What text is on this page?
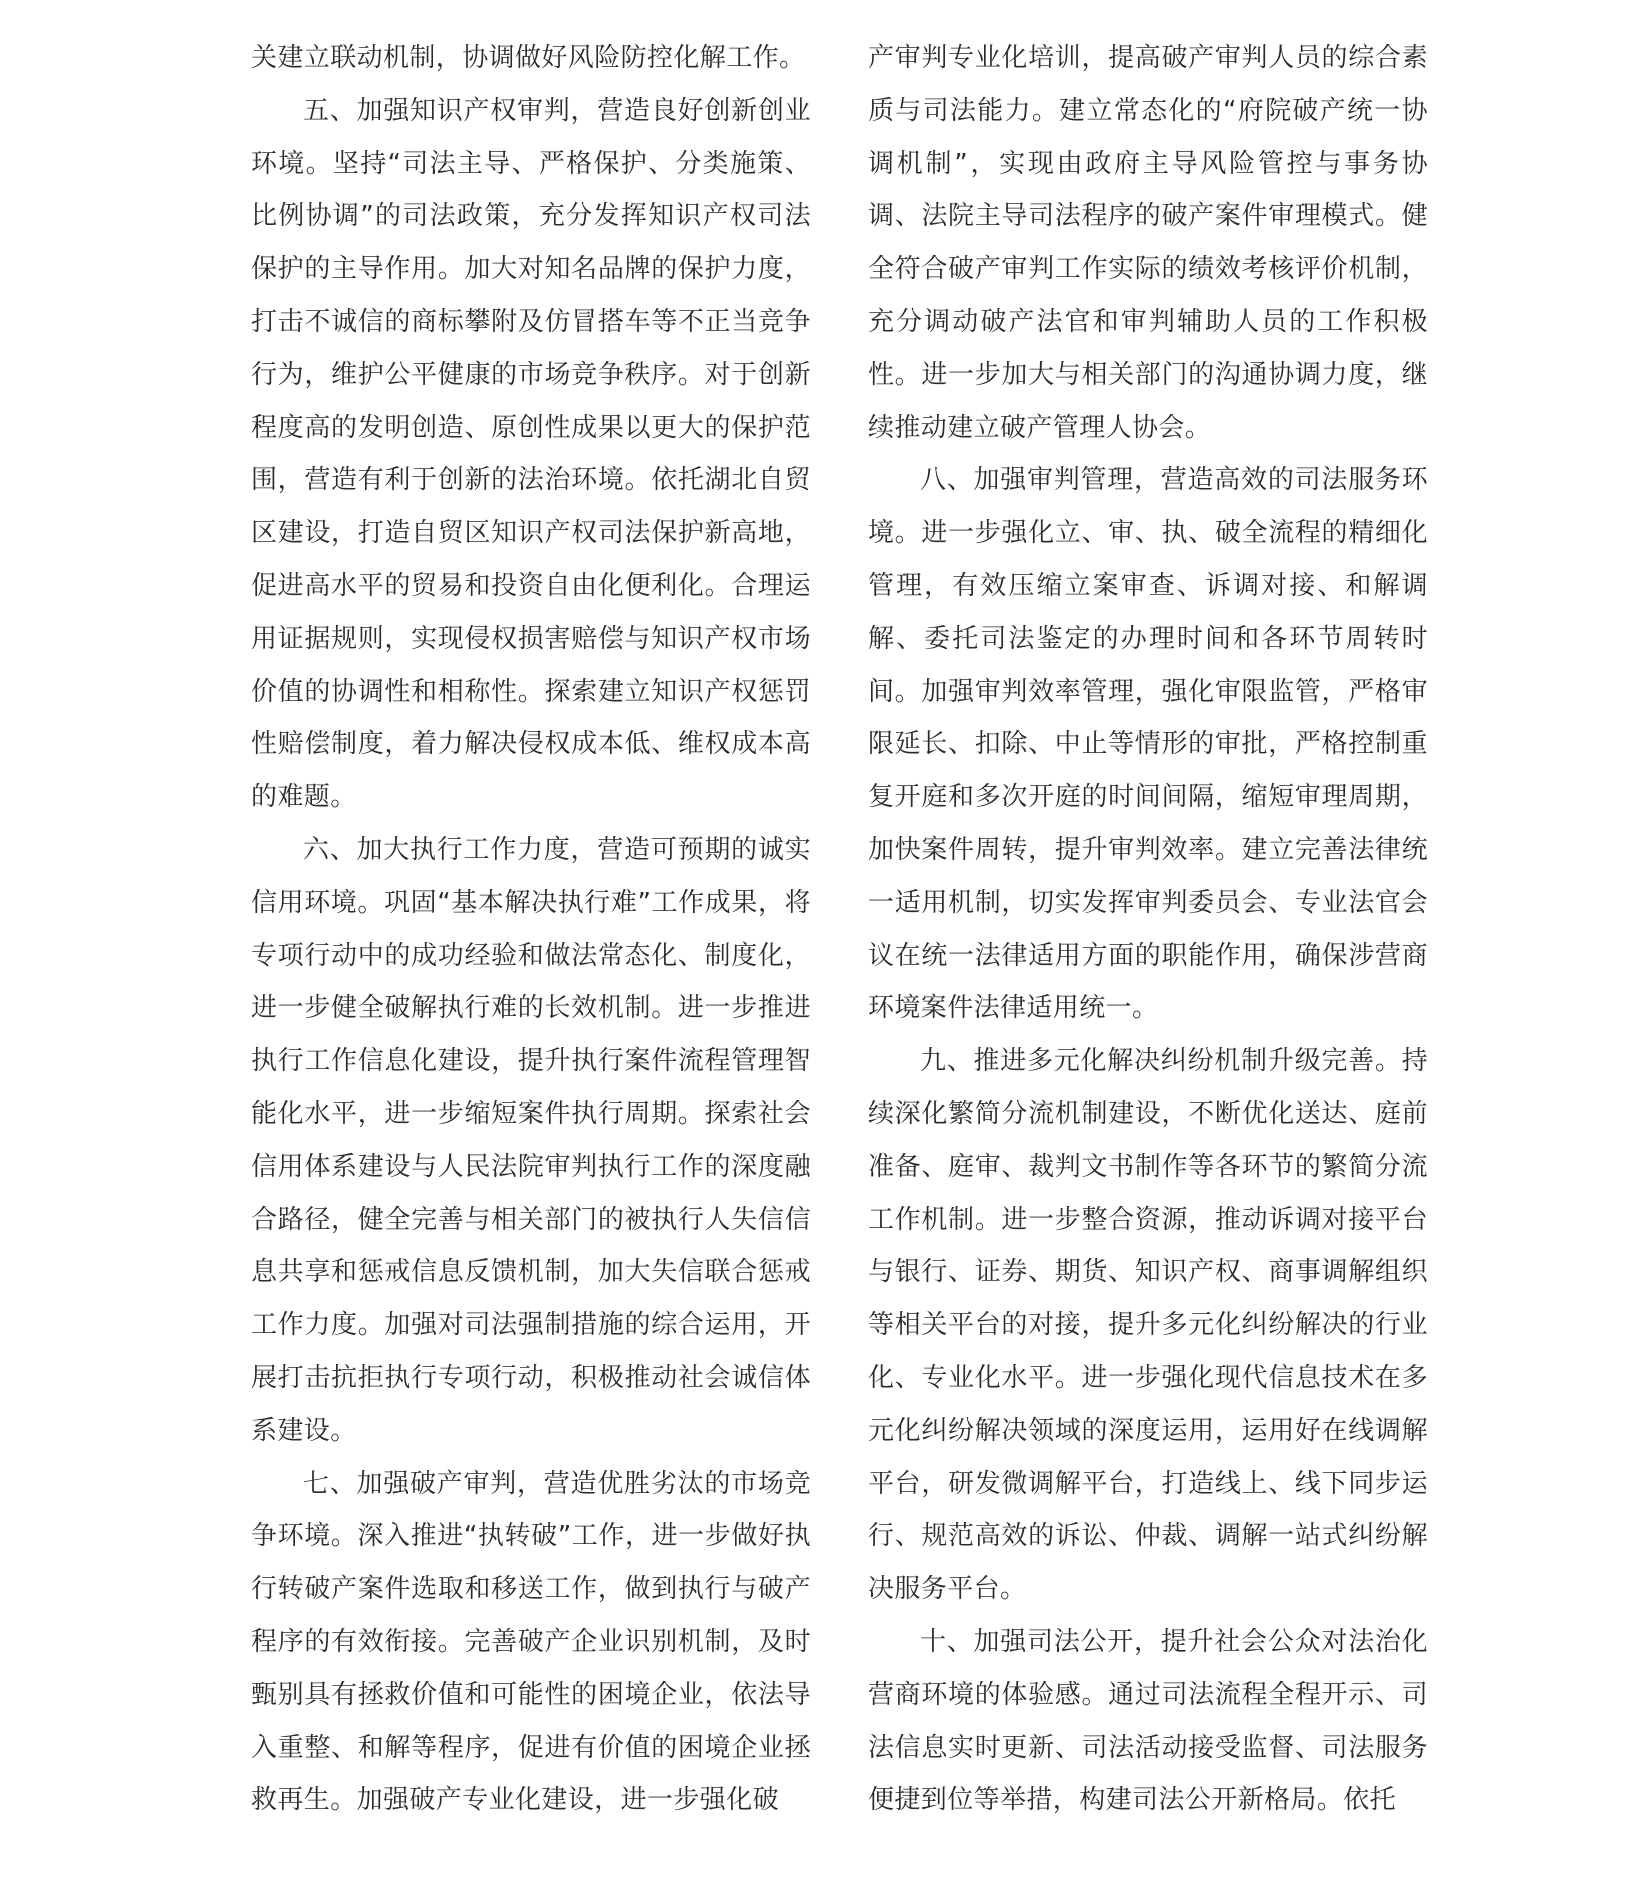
关建立联动机制，协调做好风险防控化解工作。

五、加强知识产权审判，营造良好创新创业环境。坚持“司法主导、严格保护、分类施策、比例协调”的司法政策，充分发挥知识产权司法保护的主导作用。加大对知名品牌的保护力度，打击不诚信的商标攀附及仿冒搭车等不正当竞争行为，维护公平健康的市场竞争秩序。对于创新程度高的发明创造、原创性成果以更大的保护范围，营造有利于创新的法治环境。依托湖北自贸区建设，打造自贸区知识产权司法保护新高地，促进高水平的贸易和投资自由化便利化。合理运用证据规则，实现侵权损害赔偿与知识产权市场价值的协调性和相称性。探索建立知识产权惩罚性赔偿制度，着力解决侵权成本低、维权成本高的难题。

六、加大执行工作力度，营造可预期的诚实信用环境。巩固“基本解决执行难”工作成果，将专项行动中的成功经验和做法常态化、制度化，进一步健全破解执行难的长效机制。进一步推进执行工作信息化建设，提升执行案件流程管理智能化水平，进一步缩短案件执行周期。探索社会信用体系建设与人民法院审判执行工作的深度融合路径，健全完善与相关部门的被执行人失信信息共享和惩戒信息反馈机制，加大失信联合惩戒工作力度。加强对司法强制措施的综合运用，开展打击抗拒执行专项行动，积极推动社会诚信体系建设。

七、加强破产审判，营造优胜劣汰的市场竞争环境。深入推进“执转破”工作，进一步做好执行转破产案件选取和移送工作，做到执行与破产程序的有效衔接。完善破产企业识别机制，及时甄别具有拯救价值和可能性的困境企业，依法导入重整、和解等程序，促进有价值的困境企业拯救再生。加强破产专业化建设，进一步强化破

产审判专业化培训，提高破产审判人员的综合素质与司法能力。建立常态化的“府院破产统一协调机制”，实现由政府主导风险管控与事务协调、法院主导司法程序的破产案件审理模式。健全符合破产审判工作实际的绩效考核评价机制，充分调动破产法官和审判辅助人员的工作积极性。进一步加大与相关部门的沟通协调力度，继续推动建立破产管理人协会。

八、加强审判管理，营造高效的司法服务环境。进一步强化立、审、执、破全流程的精细化管理，有效压缩立案审查、诉调对接、和解调解、委托司法鉴定的办理时间和各环节周转时间。加强审判效率管理，强化审限监管，严格审限延长、扣除、中止等情形的审批，严格控制重复开庭和多次开庭的时间间隔，缩短审理周期，加快案件周转，提升审判效率。建立完善法律统一适用机制，切实发挥审判委员会、专业法官会议在统一法律适用方面的职能作用，确保涉营商环境案件法律适用统一。

九、推进多元化解决纠纷机制升级完善。持续深化繁简分流机制建设，不断优化送达、庭前准备、庭审、裁判文书制作等各环节的繁简分流工作机制。进一步整合资源，推动诉调对接平台与银行、证券、期货、知识产权、商事调解组织等相关平台的对接，提升多元化纠纷解决的行业化、专业化水平。进一步强化现代信息技术在多元化纠纷解决领域的深度运用，运用好在线调解平台，研发微调解平台，打造线上、线下同步运行、规范高效的诉讼、仲裁、调解一站式纠纷解决服务平台。

十、加强司法公开，提升社会公众对法治化营商环境的体验感。通过司法流程全程开示、司法信息实时更新、司法活动接受监督、司法服务便捷到位等举措，构建司法公开新格局。依托
